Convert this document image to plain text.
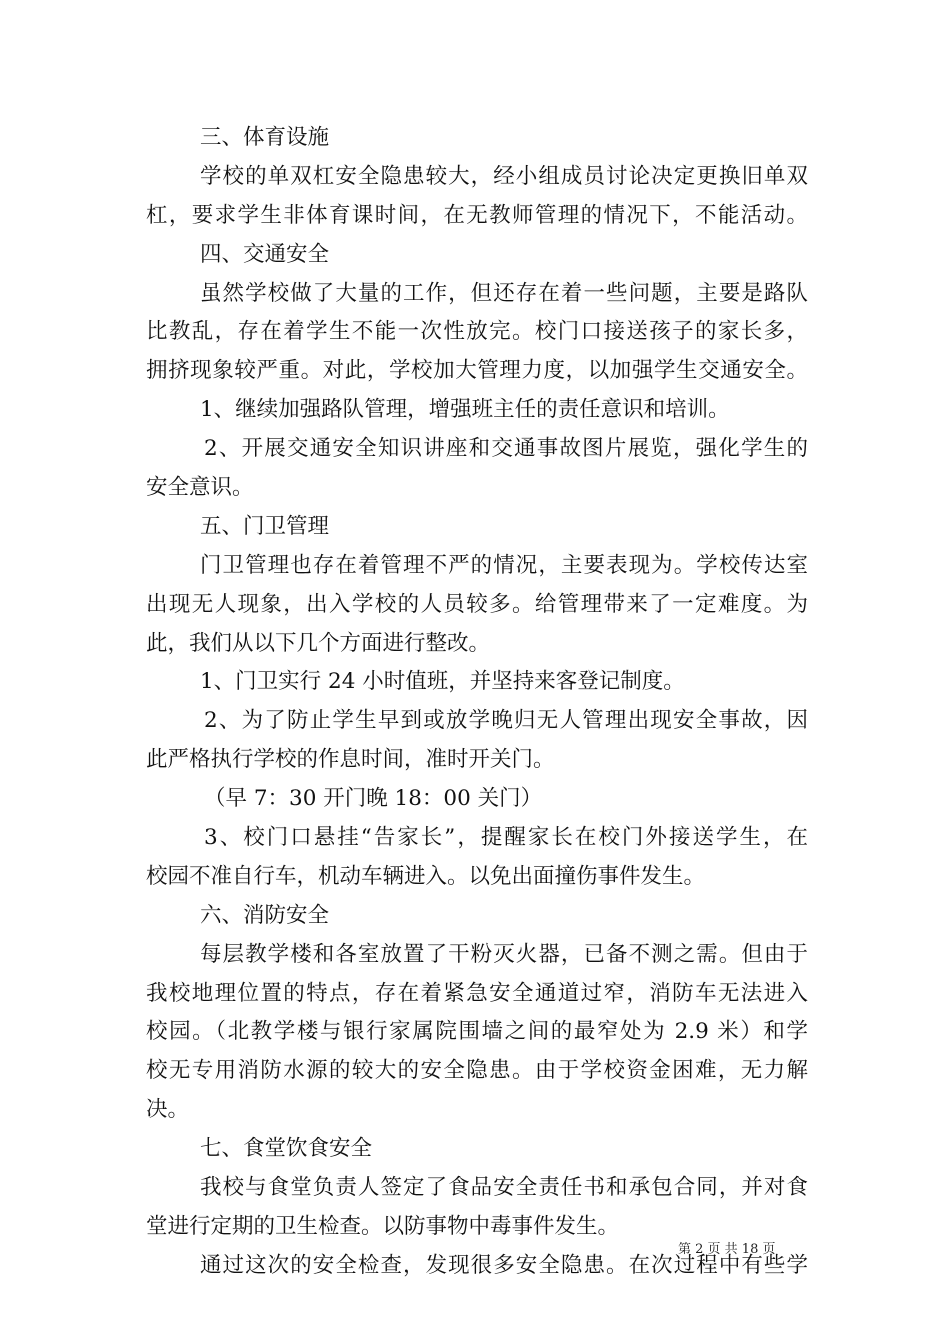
三、体育设施
学校的单双杠安全隐患较大，经小组成员讨论决定更换旧单双
杠，要求学生非体育课时间，在无教师管理的情况下，不能活动。
四、交通安全
虽然学校做了大量的工作，但还存在着一些问题，主要是路队
比教乱，存在着学生不能一次性放完。校门口接送孩子的家长多，
拥挤现象较严重。对此，学校加大管理力度，以加强学生交通安全。
1、继续加强路队管理，增强班主任的责任意识和培训。
2、开展交通安全知识讲座和交通事故图片展览，强化学生的
安全意识。
五、门卫管理
门卫管理也存在着管理不严的情况，主要表现为。学校传达室
出现无人现象，出入学校的人员较多。给管理带来了一定难度。为
此，我们从以下几个方面进行整改。
1、门卫实行 24 小时值班，并坚持来客登记制度。
2、为了防止学生早到或放学晚归无人管理出现安全事故，因
此严格执行学校的作息时间，准时开关门。
（早 7：30 开门晚 18：00 关门）
3、校门口悬挂“告家长”，提醒家长在校门外接送学生，在
校园不准自行车，机动车辆进入。以免出面撞伤事件发生。
六、消防安全
每层教学楼和各室放置了干粉灭火器，已备不测之需。但由于
我校地理位置的特点，存在着紧急安全通道过窄，消防车无法进入
校园。（北教学楼与银行家属院围墙之间的最窄处为 2.9 米）和学
校无专用消防水源的较大的安全隐患。由于学校资金困难，无力解
决。
七、食堂饮食安全
我校与食堂负责人签定了食品安全责任书和承包合同，并对食
堂进行定期的卫生检查。以防事物中毒事件发生。
通过这次的安全检查，发现很多安全隐患。在次过程中有些学
第 2 页 共 18 页
